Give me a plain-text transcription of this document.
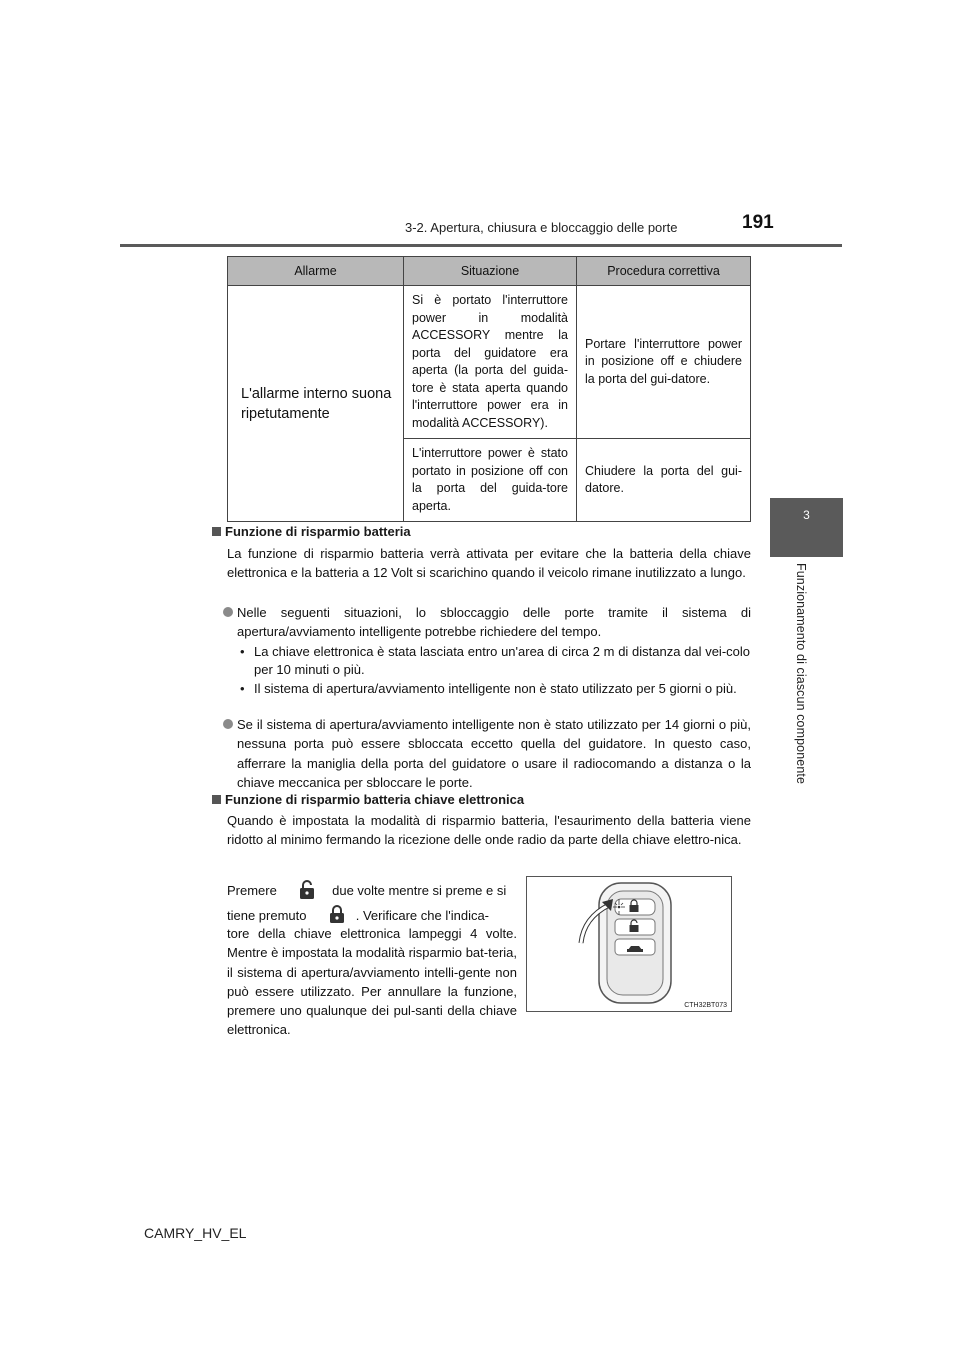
3-2. Apertura, chiusura e bloccaggio delle porte	191
3
Funzionamento di ciascun componente
Allarme	Situazione	Procedura correttiva
L'allarme interno suona ripetutamente	Si è portato l'interruttore power in modalità ACCESSORY mentre la porta del guidatore era aperta (la porta del guida-tore è stata aperta quando l'interruttore power era in modalità ACCESSORY).	Portare l'interruttore power in posizione off e chiudere la porta del gui-datore.
	L'interruttore power è stato portato in posizione off con la porta del guida-tore aperta.	Chiudere la porta del gui-datore.
Funzione di risparmio batteria
La funzione di risparmio batteria verrà attivata per evitare che la batteria della chiave elettronica e la batteria a 12 Volt si scarichino quando il veicolo rimane inutilizzato a lungo.
Nelle seguenti situazioni, lo sbloccaggio delle porte tramite il sistema di apertura/avviamento intelligente potrebbe richiedere del tempo.
• La chiave elettronica è stata lasciata entro un'area di circa 2 m di distanza dal vei-colo per 10 minuti o più.
• Il sistema di apertura/avviamento intelligente non è stato utilizzato per 5 giorni o più.
Se il sistema di apertura/avviamento intelligente non è stato utilizzato per 14 giorni o più, nessuna porta può essere sbloccata eccetto quella del guidatore. In questo caso, afferrare la maniglia della porta del guidatore o usare il radiocomando a distanza o la chiave meccanica per sbloccare le porte.
Funzione di risparmio batteria chiave elettronica
Quando è impostata la modalità di risparmio batteria, l'esaurimento della batteria viene ridotto al minimo fermando la ricezione delle onde radio da parte della chiave elettro-nica.
Premere	due volte mentre si preme e si
tiene premuto	. Verificare che l'indica-
tore della chiave elettronica lampeggi 4 volte. Mentre è impostata la modalità risparmio bat-teria, il sistema di apertura/avviamento intelli-gente non può essere utilizzato. Per annullare la funzione, premere uno qualunque dei pul-santi della chiave elettronica.
CTH32BT073
CAMRY_HV_EL
